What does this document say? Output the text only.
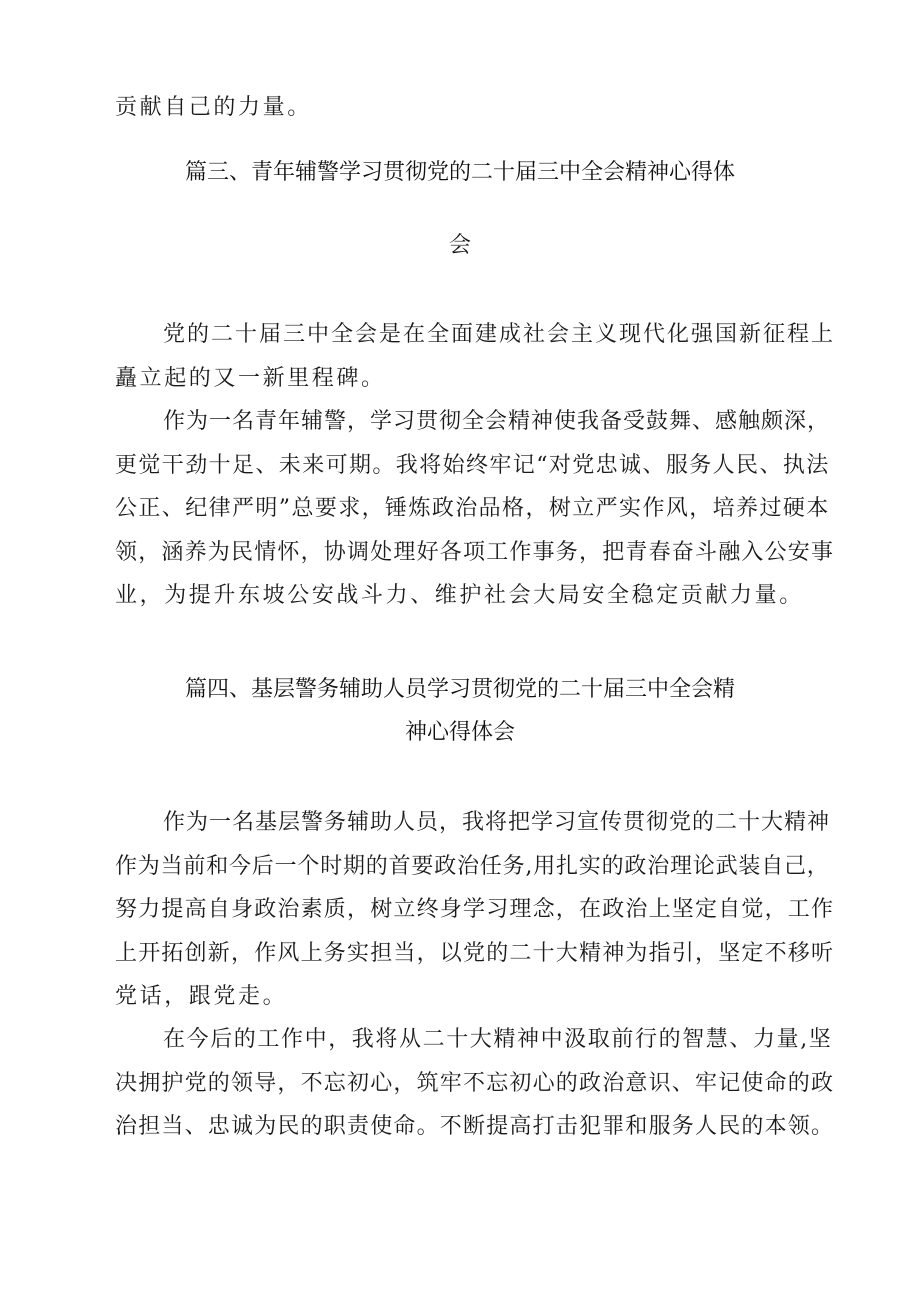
贡献自己的力量。
篇三、青年辅警学习贯彻党的二十届三中全会精神心得体
会
党的二十届三中全会是在全面建成社会主义现代化强国新征程上
矗立起的又一新里程碑。
作为一名青年辅警，学习贯彻全会精神使我备受鼓舞、感触颇深，
更觉干劲十足、未来可期。我将始终牢记“对党忠诚、服务人民、执法
公正、纪律严明”总要求，锤炼政治品格，树立严实作风，培养过硬本
领，涵养为民情怀，协调处理好各项工作事务，把青春奋斗融入公安事
业，为提升东坡公安战斗力、维护社会大局安全稳定贡献力量。
篇四、基层警务辅助人员学习贯彻党的二十届三中全会精
神心得体会
作为一名基层警务辅助人员，我将把学习宣传贯彻党的二十大精神
作为当前和今后一个时期的首要政治任务,用扎实的政治理论武装自己，
努力提高自身政治素质，树立终身学习理念，在政治上坚定自觉，工作
上开拓创新，作风上务实担当，以党的二十大精神为指引，坚定不移听
党话，跟党走。
在今后的工作中，我将从二十大精神中汲取前行的智慧、力量,坚
决拥护党的领导，不忘初心，筑牢不忘初心的政治意识、牢记使命的政
治担当、忠诚为民的职责使命。不断提高打击犯罪和服务人民的本领。
